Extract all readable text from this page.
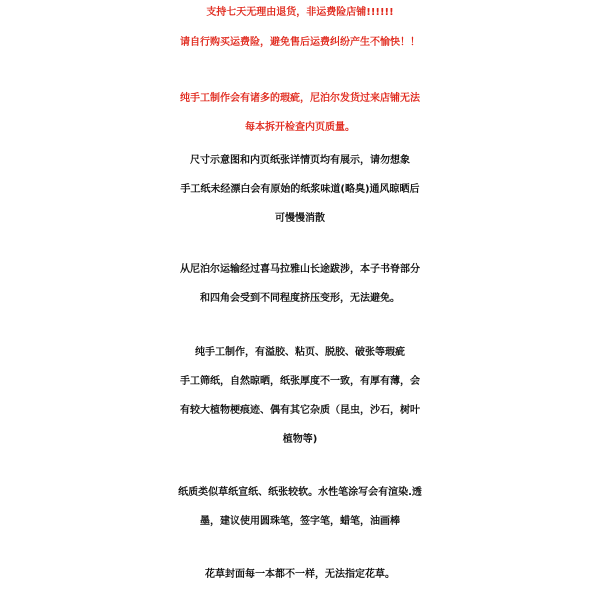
支持七天无理由退货，非运费险店铺!!!!!!
请自行购买运费险，避免售后运费纠纷产生不愉快！！
纯手工制作会有诸多的瑕疵，尼泊尔发货过来店铺无法
每本拆开检查内页质量。
尺寸示意图和内页纸张详情页均有展示，请勿想象
手工纸未经漂白会有原始的纸浆味道(略臭)通风晾晒后
可慢慢消散
从尼泊尔运输经过喜马拉雅山长途跋涉，本子书脊部分
和四角会受到不同程度挤压变形，无法避免。
纯手工制作，有溢胶、粘页、脱胶、破张等瑕疵
手工筛纸，自然晾晒，纸张厚度不一致，有厚有薄，会
有较大植物梗痕迹、偶有其它杂质（昆虫，沙石，树叶
植物等)
纸质类似草纸宣纸、纸张较软。水性笔涂写会有渲染.透
墨，建议使用圆珠笔，签字笔，蜡笔，油画棒
花草封面每一本都不一样，无法指定花草。
